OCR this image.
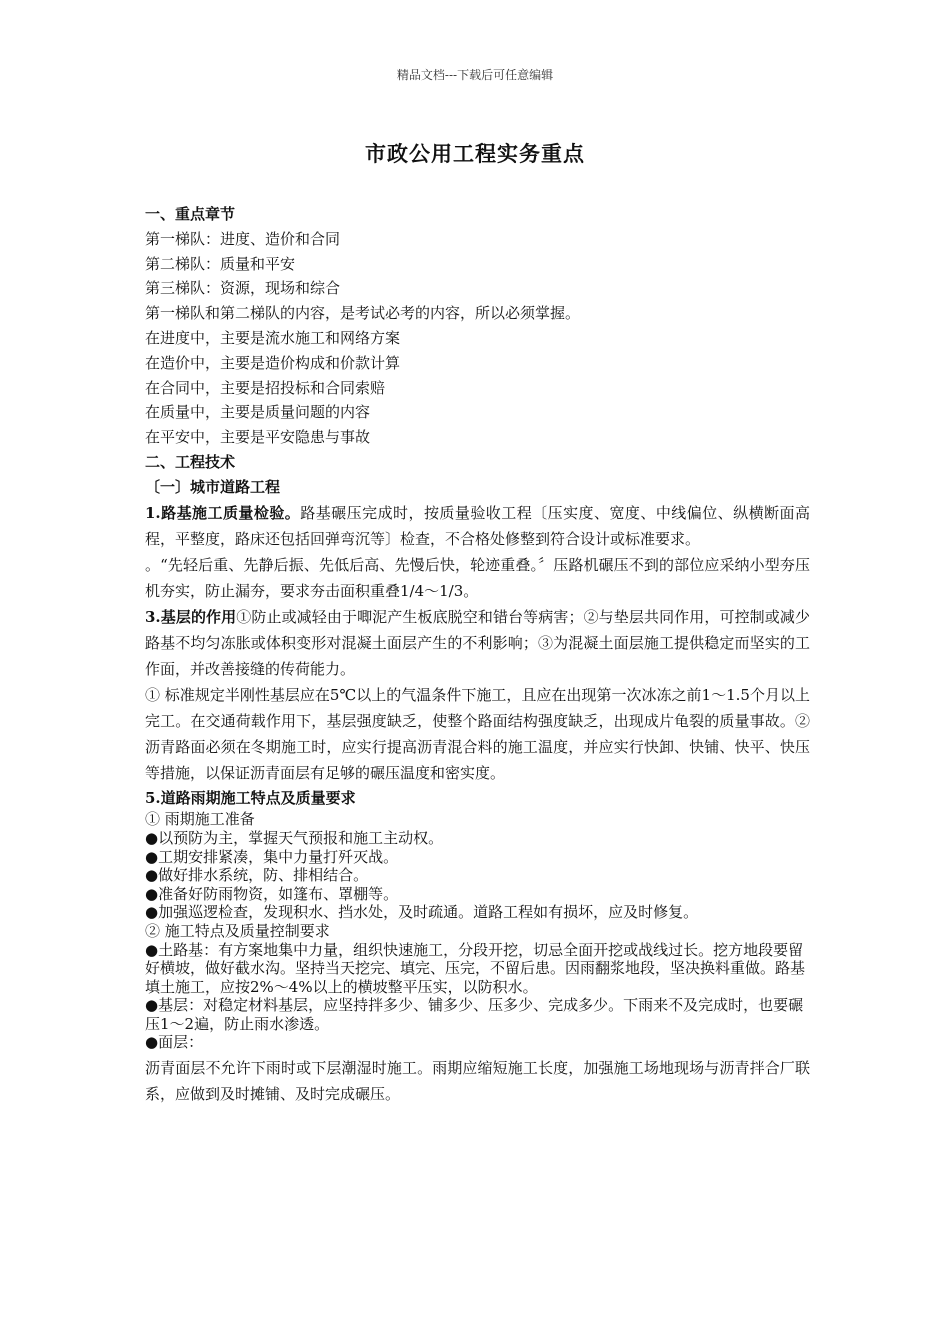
精品文档---下载后可任意编辑
市政公用工程实务重点

一、重点章节

第一梯队：进度、造价和合同

第二梯队：质量和平安

第三梯队：资源，现场和综合

第一梯队和第二梯队的内容，是考试必考的内容，所以必须掌握。

在进度中，主要是流水施工和网络方案

在造价中，主要是造价构成和价款计算

在合同中，主要是招投标和合同索赔

在质量中，主要是质量问题的内容

在平安中，主要是平安隐患与事故

二、工程技术

〔一〕城市道路工程

1.路基施工质量检验。路基碾压完成时，按质量验收工程〔压实度、宽度、中线偏位、纵横断面高程，平整度，路床还包括回弹弯沉等〕检查，不合格处修整到符合设计或标准要求。

。“先轻后重、先静后振、先低后高、先慢后快，轮迹重叠。〞压路机碾压不到的部位应采纳小型夯压机夯实，防止漏夯，要求夯击面积重叠1/4～1/3。

3.基层的作用①防止或减轻由于唧泥产生板底脱空和错台等病害；②与垫层共同作用，可控制或减少路基不均匀冻胀或体积变形对混凝土面层产生的不利影响；③为混凝土面层施工提供稳定而坚实的工作面，并改善接缝的传荷能力。

① 标准规定半刚性基层应在5℃以上的气温条件下施工，且应在出现第一次冰冻之前1～1.5个月以上完工。在交通荷载作用下，基层强度缺乏，使整个路面结构强度缺乏，出现成片龟裂的质量事故。②沥青路面必须在冬期施工时，应实行提高沥青混合料的施工温度，并应实行快卸、快铺、快平、快压等措施，以保证沥青面层有足够的碾压温度和密实度。

5.道路雨期施工特点及质量要求

① 雨期施工准备

●以预防为主，掌握天气预报和施工主动权。

●工期安排紧凑，集中力量打歼灭战。

●做好排水系统，防、排相结合。

●准备好防雨物资，如篷布、罩棚等。

●加强巡逻检查，发现积水、挡水处，及时疏通。道路工程如有损坏，应及时修复。

② 施工特点及质量控制要求

●土路基：有方案地集中力量，组织快速施工，分段开挖，切忌全面开挖或战线过长。挖方地段要留好横坡，做好截水沟。坚持当天挖完、填完、压完，不留后患。因雨翻浆地段，坚决换料重做。路基填土施工，应按2%～4%以上的横坡整平压实，以防积水。

●基层：对稳定材料基层，应坚持拌多少、铺多少、压多少、完成多少。下雨来不及完成时，也要碾压1～2遍，防止雨水渗透。

●面层：

沥青面层不允许下雨时或下层潮湿时施工。雨期应缩短施工长度，加强施工场地现场与沥青拌合厂联系，应做到及时摊铺、及时完成碾压。
